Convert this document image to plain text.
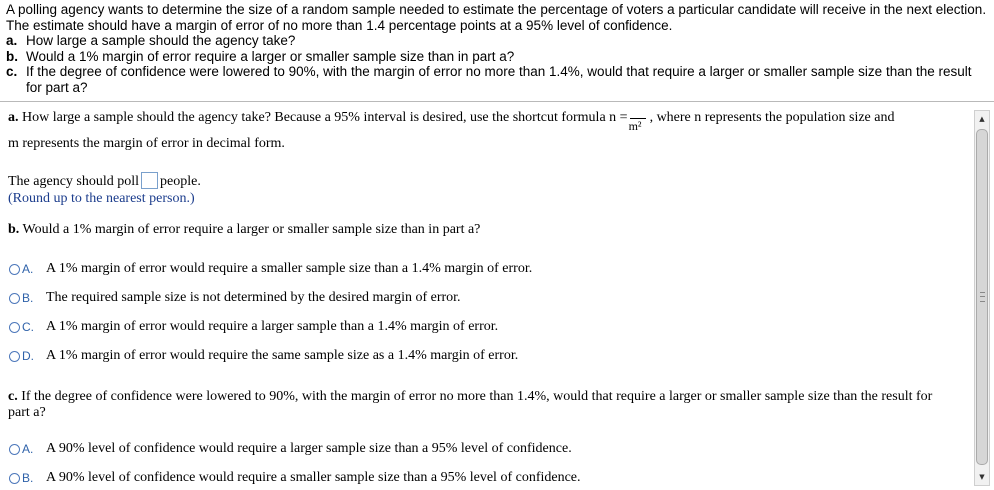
A polling agency wants to determine the size of a random sample needed to estimate the percentage of voters a particular candidate will receive in the next election. The estimate should have a margin of error of no more than 1.4 percentage points at a 95% level of confidence.

a. How large a sample should the agency take?
b. Would a 1% margin of error require a larger or smaller sample size than in part a?
c. If the degree of confidence were lowered to 90%, with the margin of error no more than 1.4%, would that require a larger or smaller sample size than the result for part a?
a. How large a sample should the agency take? Because a 95% interval is desired, use the shortcut formula n =
m²
, where n represents the population size and
m represents the margin of error in decimal form.
The agency should poll people.
(Round up to the nearest person.)
b. Would a 1% margin of error require a larger or smaller sample size than in part a?
A. A 1% margin of error would require a smaller sample size than a 1.4% margin of error.
B. The required sample size is not determined by the desired margin of error.
C. A 1% margin of error would require a larger sample than a 1.4% margin of error.
D. A 1% margin of error would require the same sample size as a 1.4% margin of error.
c. If the degree of confidence were lowered to 90%, with the margin of error no more than 1.4%, would that require a larger or smaller sample size than the result for part a?
A. A 90% level of confidence would require a larger sample size than a 95% level of confidence.
B. A 90% level of confidence would require a smaller sample size than a 95% level of confidence.
▲
▼
